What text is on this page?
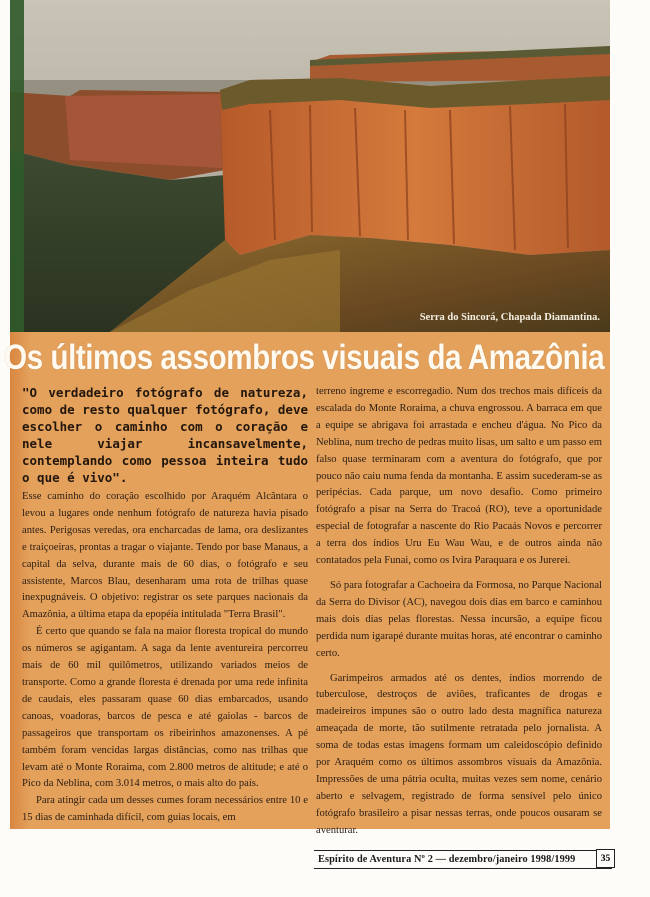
Serra do Sincorá, Chapada Diamantina.
Os últimos assombros visuais da Amazônia

"O verdadeiro fotógrafo de natureza, como de resto qualquer fotógrafo, deve escolher o caminho com o coração e nele viajar incansavelmente, contemplando como pessoa inteira tudo o que é vivo".

Esse caminho do coração escolhido por Araquém Alcântara o levou a lugares onde nenhum fotógrafo de natureza havia pisado antes. Perigosas veredas, ora encharcadas de lama, ora deslizantes e traiçoeiras, prontas a tragar o viajante. Tendo por base Manaus, a capital da selva, durante mais de 60 dias, o fotógrafo e seu assistente, Marcos Blau, desenharam uma rota de trilhas quase inexpugnáveis. O objetivo: registrar os sete parques nacionais da Amazônia, a última etapa da epopéia intitulada "Terra Brasil".

É certo que quando se fala na maior floresta tropical do mundo os números se agigantam. A saga da lente aventureira percorreu mais de 60 mil quilômetros, utilizando variados meios de transporte. Como a grande floresta é drenada por uma rede infinita de caudais, eles passaram quase 60 dias embarcados, usando canoas, voadoras, barcos de pesca e até gaiolas - barcos de passageiros que transportam os ribeirinhos amazonenses. A pé também foram vencidas largas distâncias, como nas trilhas que levam até o Monte Roraima, com 2.800 metros de altitude; e até o Pico da Neblina, com 3.014 metros, o mais alto do país.

Para atingir cada um desses cumes foram necessários entre 10 e 15 dias de caminhada difícil, com guias locais, em

terreno íngreme e escorregadio. Num dos trechos mais difíceis da escalada do Monte Roraima, a chuva engrossou. A barraca em que a equipe se abrigava foi arrastada e encheu d'água. No Pico da Neblina, num trecho de pedras muito lisas, um salto e um passo em falso quase terminaram com a aventura do fotógrafo, que por pouco não caiu numa fenda da montanha. E assim sucederam-se as peripécias. Cada parque, um novo desafio. Como primeiro fotógrafo a pisar na Serra do Tracoá (RO), teve a oportunidade especial de fotografar a nascente do Rio Pacaás Novos e percorrer a terra dos índios Uru Eu Wau Wau, e de outros ainda não contatados pela Funai, como os Ivira Paraquara e os Jurerei.

Só para fotografar a Cachoeira da Formosa, no Parque Nacional da Serra do Divisor (AC), navegou dois dias em barco e caminhou mais dois dias pelas florestas. Nessa incursão, a equipe ficou perdida num igarapé durante muitas horas, até encontrar o caminho certo.

Garimpeiros armados até os dentes, índios morrendo de tuberculose, destroços de aviões, traficantes de drogas e madeireiros impunes são o outro lado desta magnífica natureza ameaçada de morte, tão sutilmente retratada pelo jornalista. A soma de todas estas imagens formam um caleidoscópio definido por Araquém como os últimos assombros visuais da Amazônia. Impressões de uma pátria oculta, muitas vezes sem nome, cenário aberto e selvagem, registrado de forma sensível pelo único fotógrafo brasileiro a pisar nessas terras, onde poucos ousaram se aventurar.

Espírito de Aventura Nº 2 — dezembro/janeiro 1998/1999	35
